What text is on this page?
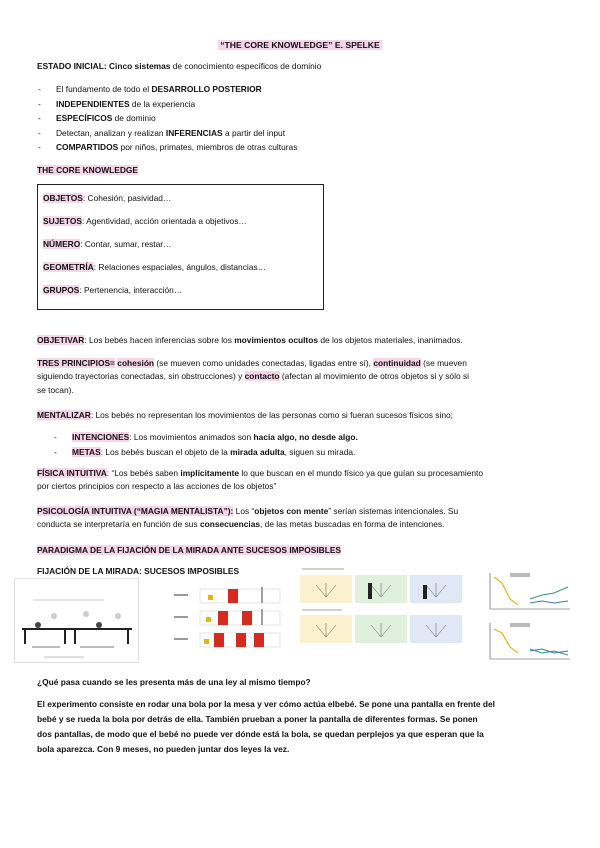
“THE CORE KNOWLEDGE” E. SPELKE
ESTADO INICIAL: Cinco sistemas de conocimiento específicos de dominio
- El fundamento de todo el DESARROLLO POSTERIOR
- INDEPENDIENTES de la experiencia
- ESPECÍFICOS de dominio
- Detectan, analizan y realizan INFERENCIAS a partir del input
- COMPARTIDOS por niños, primates, miembros de otras culturas
THE CORE KNOWLEDGE
OBJETOS: Cohesión, pasividad…
SUJETOS: Agentividad, acción orientada a objetivos…
NÚMERO: Contar, sumar, restar…
GEOMETRÍA: Relaciones espaciales, ángulos, distancias…
GRUPOS: Pertenencia, interacción…
OBJETIVAR: Los bebés hacen inferencias sobre los movimientos ocultos de los objetos materiales, inanimados.
TRES PRINCIPIOS= cohesión (se mueven como unidades conectadas, ligadas entre sí), continuidad (se mueven
siguiendo trayectorias conectadas, sin obstrucciones) y contacto (afectan al movimiento de otros objetos si y sólo si
se tocan).
MENTALIZAR: Los bebés no representan los movimientos de las personas como si fueran sucesos físicos sino;
- INTENCIONES: Los movimientos animados son hacia algo, no desde algo.
- METAS: Los bebés buscan el objeto de la mirada adulta, siguen su mirada.
FÍSICA INTUITIVA: “Los bebés saben implícitamente lo que buscan en el mundo físico ya que guían su procesamiento
por ciertos principios con respecto a las acciones de los objetos”
PSICOLOGÍA INTUITIVA (“MAGIA MENTALISTA”): Los “objetos con mente” serían sistemas intencionales. Su
conducta se interpretaría en función de sus consecuencias, de las metas buscadas en forma de intenciones.
PARADIGMA DE LA FIJACIÓN DE LA MIRADA ANTE SUCESOS IMPOSIBLES
FIJACIÓN DE LA MIRADA: SUCESOS IMPOSIBLES
¿Qué pasa cuando se les presenta más de una ley al mismo tiempo?
El experimento consiste en rodar una bola por la mesa y ver cómo actúa elbebé. Se pone una pantalla en frente del
bebé y se rueda la bola por detrás de ella. También prueban a poner la pantalla de diferentes formas. Se ponen
dos pantallas, de modo que el bebé no puede ver dónde está la bola, se quedan perplejos ya que esperan que la
bola aparezca. Con 9 meses, no pueden juntar dos leyes la vez.
